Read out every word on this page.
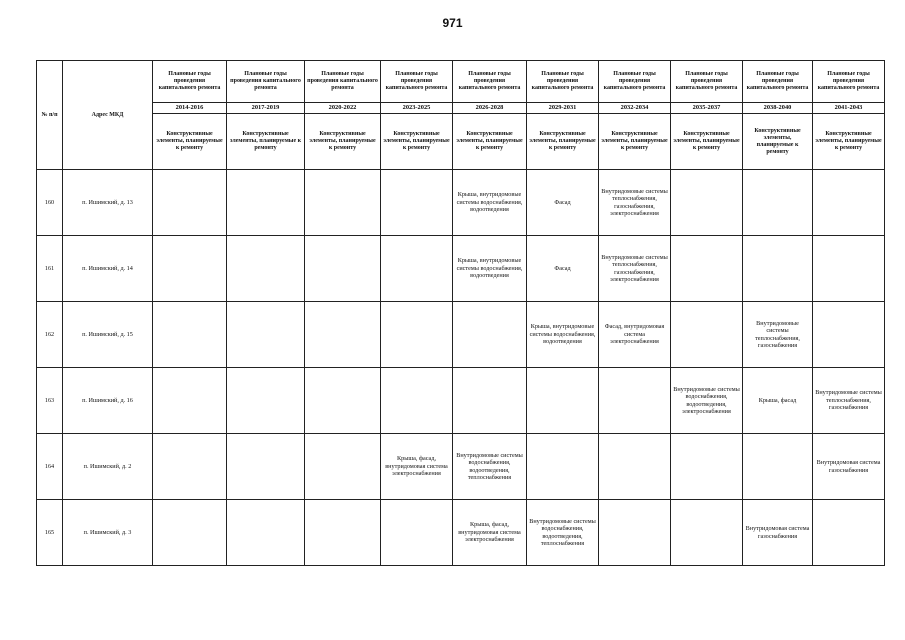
971
№ п/п	Адрес МКД	Плановые годы проведения капитального ремонта	Плановые годы проведения капитального ремонта	Плановые годы проведения капитального ремонта	Плановые годы проведения капитального ремонта	Плановые годы проведения капитального ремонта	Плановые годы проведения капитального ремонта	Плановые годы проведения капитального ремонта	Плановые годы проведения капитального ремонта	Плановые годы проведения капитального ремонта	Плановые годы проведения капитального ремонта
		2014-2016	2017-2019	2020-2022	2023-2025	2026-2028	2029-2031	2032-2034	2035-2037	2038-2040	2041-2043
		Конструктивные элементы, планируемые к ремонту	Конструктивные элементы, планируемые к ремонту	Конструктивные элементы, планируемые к ремонту	Конструктивные элементы, планируемые к ремонту	Конструктивные элементы, планируемые к ремонту	Конструктивные элементы, планируемые к ремонту	Конструктивные элементы, планируемые к ремонту	Конструктивные элементы, планируемые к ремонту	Конструктивные элементы, планируемые к ремонту	Конструктивные элементы, планируемые к ремонту
160	п. Ишимский, д. 13					Крыша, внутридомовые системы водоснабжения, водоотведения	Фасад	Внутридомовые системы теплоснабжения, газоснабжения, электроснабжения			
161	п. Ишимский, д. 14					Крыша, внутридомовые системы водоснабжения, водоотведения	Фасад	Внутридомовые системы теплоснабжения, газоснабжения, электроснабжения			
162	п. Ишимский, д. 15						Крыша, внутридомовые системы водоснабжения, водоотведения	Фасад, внутридомовая система электроснабжения		Внутридомовые системы теплоснабжения, газоснабжения	
163	п. Ишимский, д. 16								Внутридомовые системы водоснабжения, водоотведения, электроснабжения	Крыша, фасад	Внутридомовые системы теплоснабжения, газоснабжения
164	п. Ишимский, д. 2				Крыша, фасад, внутридомовая система электроснабжения	Внутридомовые системы водоснабжения, водоотведения, теплоснабжения					Внутридомовая система газоснабжения
165	п. Ишимский, д. 3					Крыша, фасад, внутридомовая система электроснабжения	Внутридомовые системы водоснабжения, водоотведения, теплоснабжения			Внутридомовая система газоснабжения	
